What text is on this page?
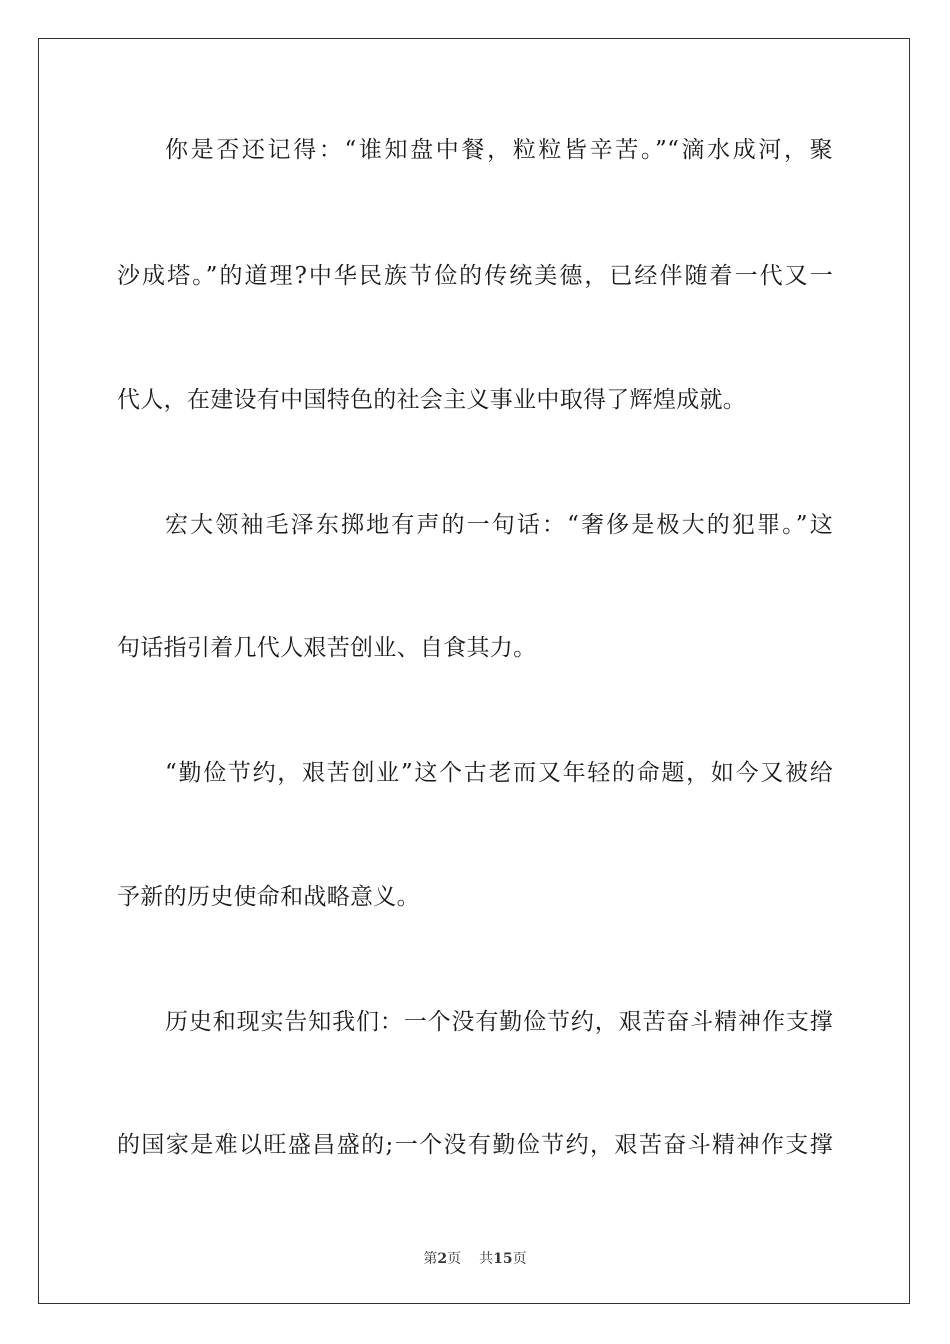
你是否还记得：“谁知盘中餐，粒粒皆辛苦。”“滴水成河，聚
沙成塔。”的道理?中华民族节俭的传统美德，已经伴随着一代又一
代人，在建设有中国特色的社会主义事业中取得了辉煌成就。
宏大领袖毛泽东掷地有声的一句话：“奢侈是极大的犯罪。”这
句话指引着几代人艰苦创业、自食其力。
“勤俭节约，艰苦创业”这个古老而又年轻的命题，如今又被给
予新的历史使命和战略意义。
历史和现实告知我们：一个没有勤俭节约，艰苦奋斗精神作支撑
的国家是难以旺盛昌盛的;一个没有勤俭节约，艰苦奋斗精神作支撑
第2页 共15页
